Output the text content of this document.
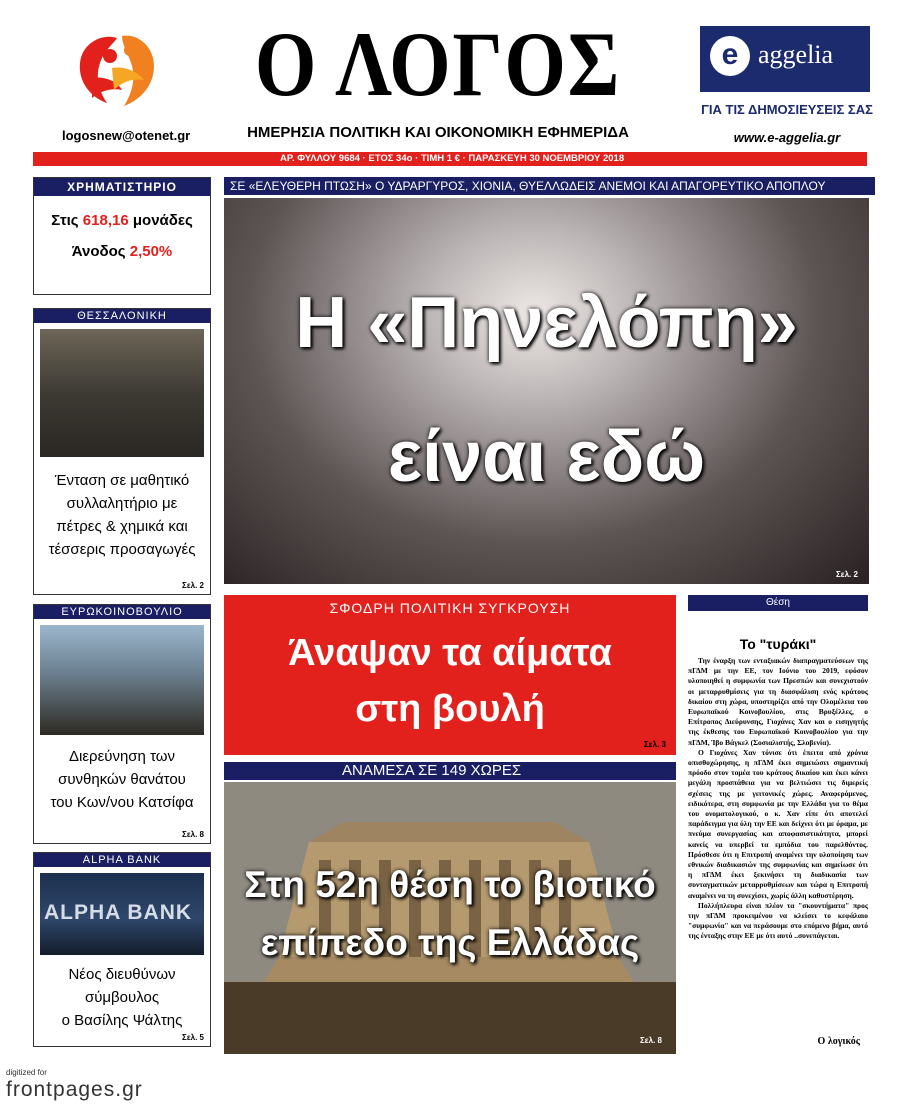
logosnew@otenet.gr
Ο ΛΟΓΟΣ
ΗΜΕΡΗΣΙΑ ΠΟΛΙΤΙΚΗ ΚΑΙ ΟΙΚΟΝΟΜΙΚΗ ΕΦΗΜΕΡΙΔΑ
e aggelia
ΓΙΑ ΤΙΣ ΔΗΜΟΣΙΕΥΣΕΙΣ ΣΑΣ
www.e-aggelia.gr
ΑΡ. ΦΥΛΛΟΥ 9684 · ΕΤΟΣ 34ο · ΤΙΜΗ 1 € · ΠΑΡΑΣΚΕΥΗ 30 ΝΟΕΜΒΡΙΟΥ 2018
ΧΡΗΜΑΤΙΣΤΗΡΙΟ
Στις 618,16 μονάδες
Άνοδος 2,50%
ΘΕΣΣΑΛΟΝΙΚΗ
Ένταση σε μαθητικό
συλλαλητήριο με
πέτρες & χημικά και
τέσσερις προσαγωγές
Σελ. 2
ΕΥΡΩΚΟΙΝΟΒΟΥΛΙΟ
Διερεύνηση των
συνθηκών θανάτου
του Κων/νου Κατσίφα
Σελ. 8
ALPHA BANK
ALPHA BANK
Νέος διευθύνων
σύμβουλος
ο Βασίλης Ψάλτης
Σελ. 5
ΣΕ «ΕΛΕΥΘΕΡΗ ΠΤΩΣΗ» Ο ΥΔΡΑΡΓΥΡΟΣ, ΧΙΟΝΙΑ, ΘΥΕΛΛΩΔΕΙΣ ΑΝΕΜΟΙ ΚΑΙ ΑΠΑΓΟΡΕΥΤΙΚΟ ΑΠΟΠΛΟΥ
Η «Πηνελόπη»
είναι εδώ
Σελ. 2
ΣΦΟΔΡΗ ΠΟΛΙΤΙΚΗ ΣΥΓΚΡΟΥΣΗ
Άναψαν τα αίματα
στη βουλή
Σελ. 3
ΑΝΑΜΕΣΑ ΣΕ 149 ΧΩΡΕΣ
Στη 52η θέση το βιοτικό
επίπεδο της Ελλάδας
Σελ. 8
Θέση
Το "τυράκι"
Την έναρξη των ενταξιακών διαπραγματεύσεων της πΓΔΜ με την ΕΕ, τον Ιούνιο του 2019, εφόσον υλοποιηθεί η συμφωνία των Πρεσπών και συνεχιστούν οι μεταρρυθμίσεις για τη διασφάλιση ενός κράτους δικαίου στη χώρα, υποστηρίζει από την Ολομέλεια του Ευρωπαϊκού Κοινοβουλίου, στις Βρυξέλλες, ο Επίτροπος Διεύρυνσης, Γιοχάνες Χαν και ο εισηγητής της έκθεσης του Ευρωπαϊκού Κοινοβουλίου για την πΓΔΜ, Ίβο Βάγκελ (Σοσιαλιστής, Σλοβενία).
Ο Γιοχάνες Χαν τόνισε ότι έπειτα από χρόνια οπισθοχώρησης, η πΓΔΜ έκει σημειώσει σημαντική πρόοδο στον τομέα του κράτους δικαίου και έκει κάνει μεγάλη προσπάθεια για να βελτιώσει τις διμερείς σχέσεις της με γειτονικές χώρες. Αναφερόμενος, ειδικότερα, στη συμφωνία με την Ελλάδα για το θέμα του ονοματολογικού, ο κ. Χαν είπε ότι αποτελεί παράδειγμα για όλη την ΕΕ και δείχνει ότι με όραμα, με πνεύμα συνεργασίας και αποφασιστικότητα, μπορεί κανείς να υπερβεί τα εμπόδια του παρελθόντος. Πρόσθεσε ότι η Επιτροπή αναμένει την υλοποίηση των εθνικών διαδικασιών της συμφωνίας και σημείωσε ότι η πΓΔΜ έκει ξεκινήσει τη διαδικασία των συνταγματικών μεταρρυθμίσεων και τώρα η Επιτροπή αναμένει να τη συνεχίσει, χωρίς άλλη καθυστέρηση.
Πολλήπλευρα είναι πλέον τα "σκουντήματα" προς την πΓΔΜ προκειμένου να κλείσει το κεφάλαιο "συμφωνία" και να περάσουμε στο επόμενο βήμα, αυτό της ένταξης στην ΕΕ με ότι αυτό ..συνεπάγεται.
Ο λογικός
digitized for
frontpages.gr
